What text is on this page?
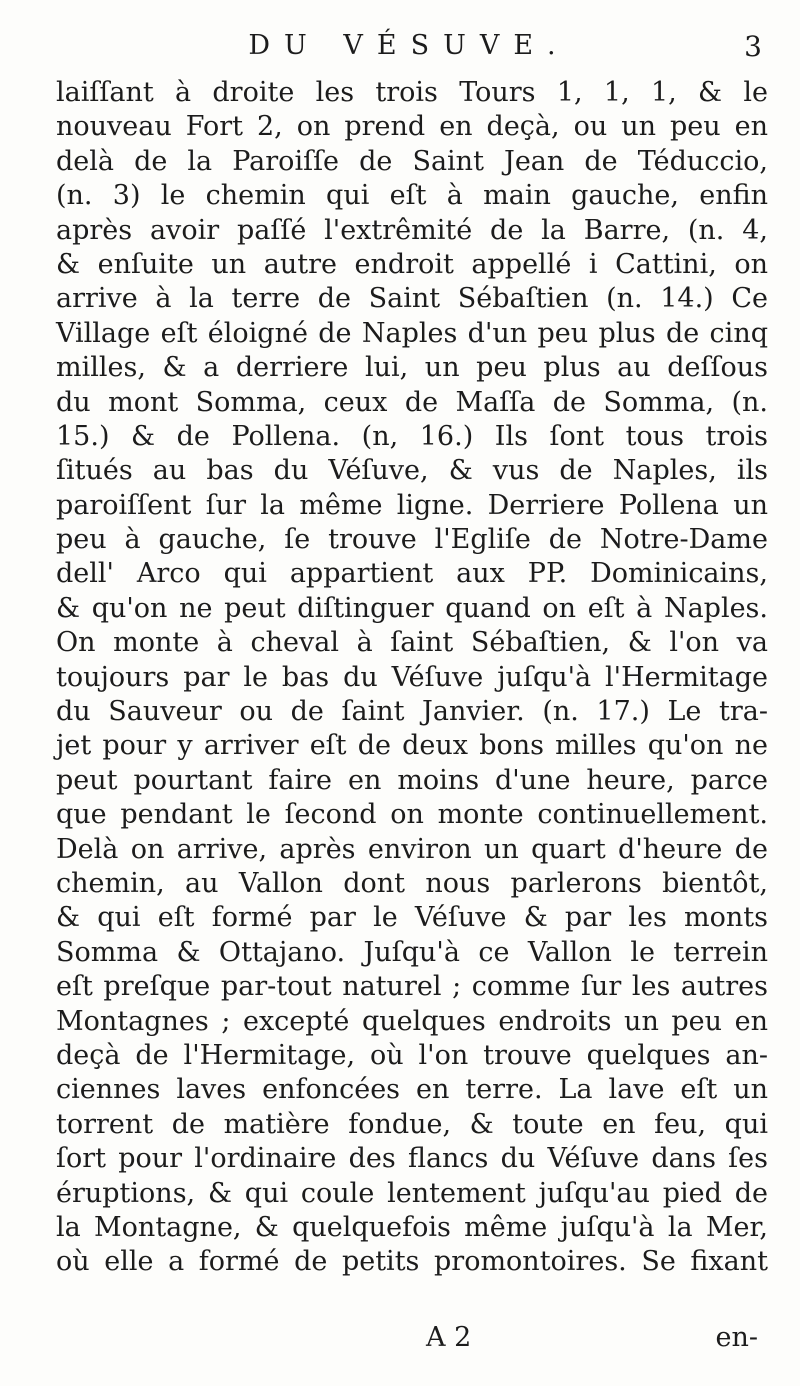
DU VÉSUVE.	3
laiſſant à droite les trois Tours 1, 1, 1, & le
nouveau Fort 2, on prend en deçà, ou un peu en
delà de la Paroiſſe de Saint Jean de Téduccio,
(n. 3) le chemin qui eſt à main gauche, enfin
après avoir paſſé l'extrêmité de la Barre, (n. 4,
& enſuite un autre endroit appellé i Cattini, on
arrive à la terre de Saint Sébaſtien (n. 14.) Ce
Village eſt éloigné de Naples d'un peu plus de cinq
milles, & a derriere lui, un peu plus au deſſous
du mont Somma, ceux de Maſſa de Somma, (n.
15.) & de Pollena. (n, 16.) Ils ſont tous trois
ſitués au bas du Véſuve, & vus de Naples, ils
paroiſſent ſur la même ligne. Derriere Pollena un
peu à gauche, ſe trouve l'Egliſe de Notre-Dame
dell' Arco qui appartient aux PP. Dominicains,
& qu'on ne peut diſtinguer quand on eſt à Naples.
On monte à cheval à ſaint Sébaſtien, & l'on va
toujours par le bas du Véſuve juſqu'à l'Hermitage
du Sauveur ou de ſaint Janvier. (n. 17.) Le tra-
jet pour y arriver eſt de deux bons milles qu'on ne
peut pourtant faire en moins d'une heure, parce
que pendant le ſecond on monte continuellement.
Delà on arrive, après environ un quart d'heure de
chemin, au Vallon dont nous parlerons bientôt,
& qui eſt formé par le Véſuve & par les monts
Somma & Ottajano. Juſqu'à ce Vallon le terrein
eſt preſque par-tout naturel ; comme ſur les autres
Montagnes ; excepté quelques endroits un peu en
deçà de l'Hermitage, où l'on trouve quelques an-
ciennes laves enfoncées en terre. La lave eſt un
torrent de matière fondue, & toute en feu, qui
ſort pour l'ordinaire des flancs du Véſuve dans ſes
éruptions, & qui coule lentement juſqu'au pied de
la Montagne, & quelquefois même juſqu'à la Mer,
où elle a formé de petits promontoires. Se fixant
A 2	en-
